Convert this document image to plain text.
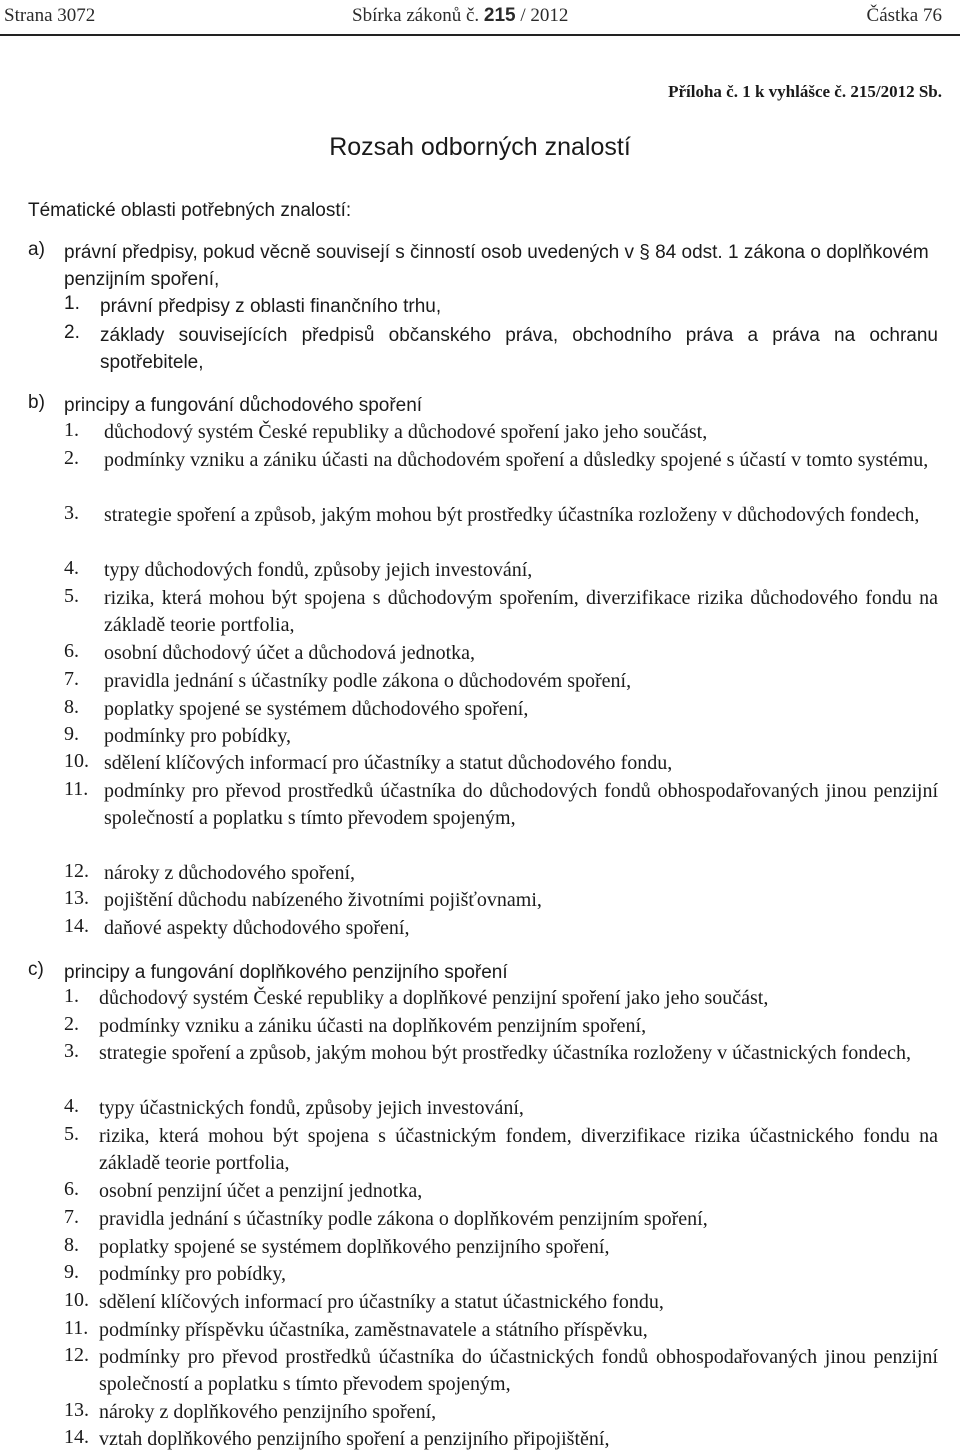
Strana 3072	Sbírka zákonů č. 215 / 2012	Částka 76
Příloha č. 1 k vyhlášce č. 215/2012 Sb.
Rozsah odborných znalostí
Tématické oblasti potřebných znalostí:
a) právní předpisy, pokud věcně souvisejí s činností osob uvedených v § 84 odst. 1 zákona o doplňkovém penzijním spoření,
1. právní předpisy z oblasti finančního trhu,
2. základy souvisejících předpisů občanského práva, obchodního práva a práva na ochranu spotřebitele,
b) principy a fungování důchodového spoření
1. důchodový systém České republiky a důchodové spoření jako jeho součást,
2. podmínky vzniku a zániku účasti na důchodovém spoření a důsledky spojené s účastí v tomto systému,
3. strategie spoření a způsob, jakým mohou být prostředky účastníka rozloženy v důchodových fondech,
4. typy důchodových fondů, způsoby jejich investování,
5. rizika, která mohou být spojena s důchodovým spořením, diverzifikace rizika důchodového fondu na základě teorie portfolia,
6. osobní důchodový účet a důchodová jednotka,
7. pravidla jednání s účastníky podle zákona o důchodovém spoření,
8. poplatky spojené se systémem důchodového spoření,
9. podmínky pro pobídky,
10. sdělení klíčových informací pro účastníky a statut důchodového fondu,
11. podmínky pro převod prostředků účastníka do důchodových fondů obhospodařovaných jinou penzijní společností a poplatku s tímto převodem spojeným,
12. nároky z důchodového spoření,
13. pojištění důchodu nabízeného životními pojišťovnami,
14. daňové aspekty důchodového spoření,
c) principy a fungování doplňkového penzijního spoření
1. důchodový systém České republiky a doplňkové penzijní spoření jako jeho součást,
2. podmínky vzniku a zániku účasti na doplňkovém penzijním spoření,
3. strategie spoření a způsob, jakým mohou být prostředky účastníka rozloženy v účastnických fondech,
4. typy účastnických fondů, způsoby jejich investování,
5. rizika, která mohou být spojena s účastnickým fondem, diverzifikace rizika účastnického fondu na základě teorie portfolia,
6. osobní penzijní účet a penzijní jednotka,
7. pravidla jednání s účastníky podle zákona o doplňkovém penzijním spoření,
8. poplatky spojené se systémem doplňkového penzijního spoření,
9. podmínky pro pobídky,
10. sdělení klíčových informací pro účastníky a statut účastnického fondu,
11. podmínky příspěvku účastníka, zaměstnavatele a státního příspěvku,
12. podmínky pro převod prostředků účastníka do účastnických fondů obhospodařovaných jinou penzijní společností a poplatku s tímto převodem spojeným,
13. nároky z doplňkového penzijního spoření,
14. vztah doplňkového penzijního spoření a penzijního připojištění,
